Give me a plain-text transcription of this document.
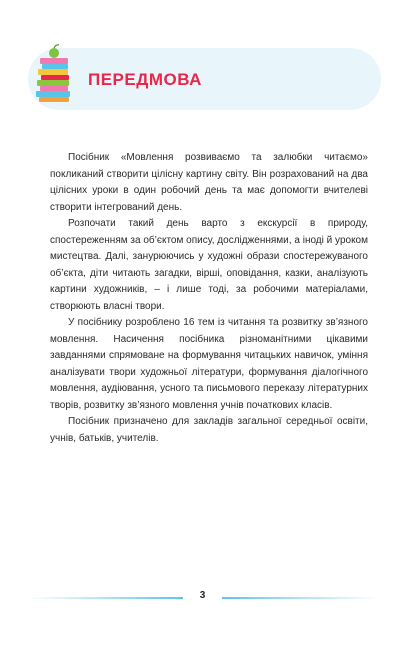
ПЕРЕДМОВА

Посібник «Мовлення розвиваємо та залюбки читаємо» покликаний створити цілісну картину світу. Він розрахований на два цілісних уроки в один робочий день та має допомогти вчителеві створити інтегрований день.

Розпочати такий день варто з екскурсії в природу, спостереженням за об’єктом опису, дослідженнями, а іноді й уроком мистецтва. Далі, занурюючись у художні образи спостережуваного об’єкта, діти читають загадки, вірші, оповідання, казки, аналізують картини художників, – і лише тоді, за робочими матеріалами, створюють власні твори.

У посібнику розроблено 16 тем із читання та розвитку зв’язного мовлення. Насичення посібника різноманітними цікавими завданнями спрямоване на формування читацьких навичок, уміння аналізувати твори художньої літератури, формування діалогічного мовлення, аудіювання, усного та письмового переказу літературних творів, розвитку зв’язного мовлення учнів початкових класів.

Посібник призначено для закладів загальної середньої освіти, учнів, батьків, учителів.

3
